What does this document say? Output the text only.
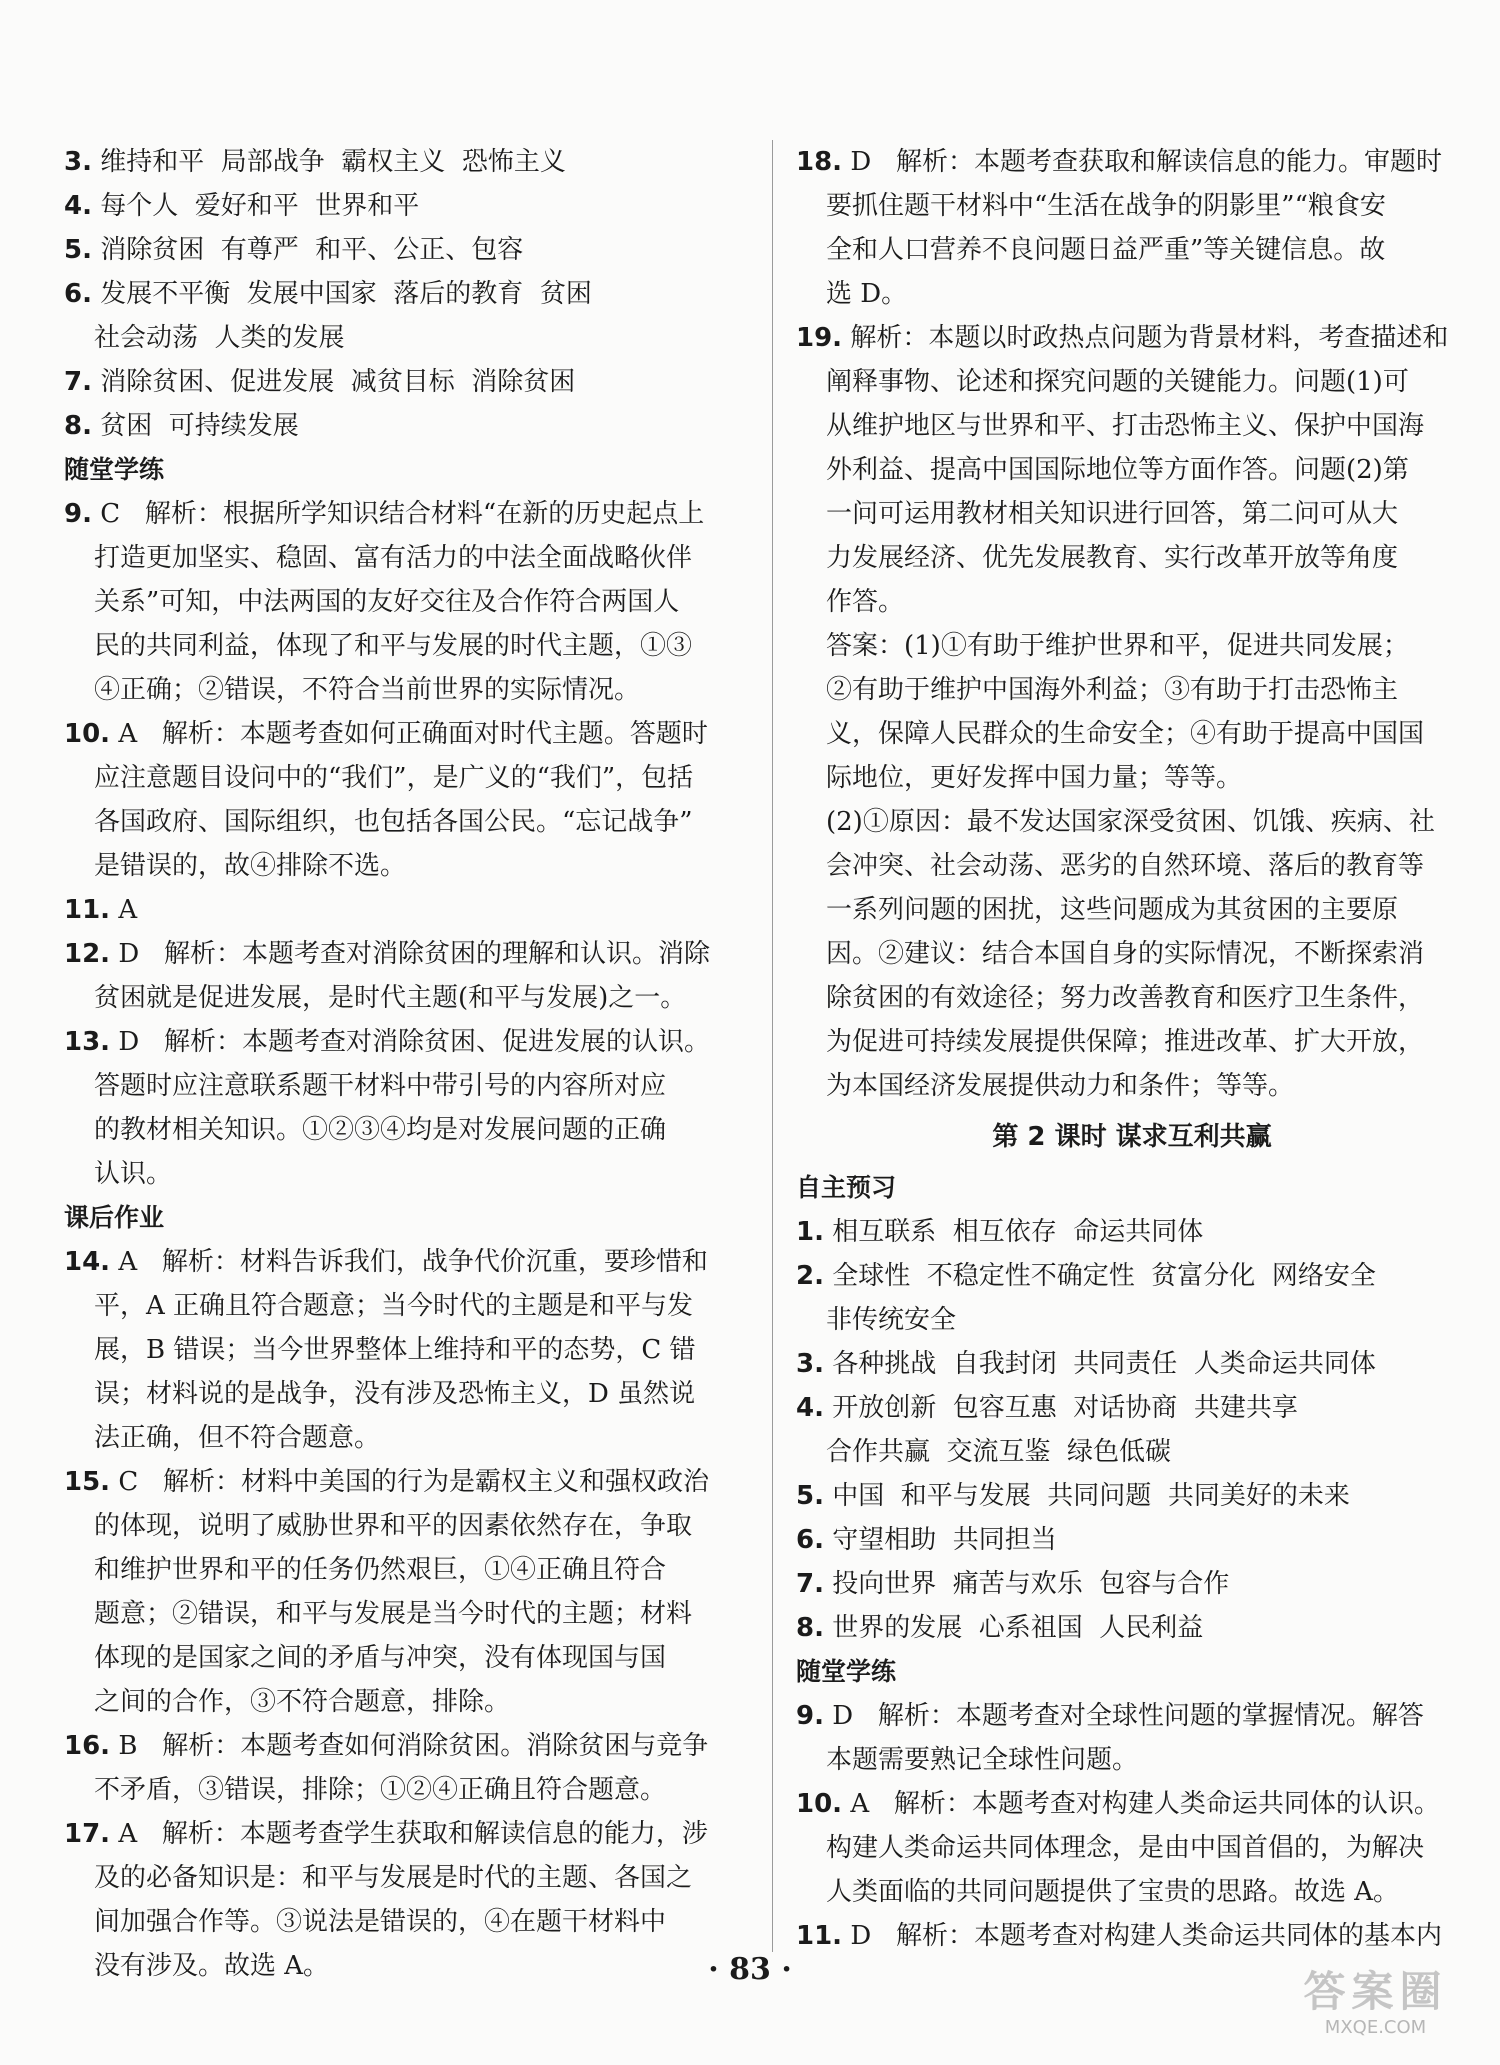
3. 维持和平  局部战争  霸权主义  恐怖主义
4. 每个人  爱好和平  世界和平
5. 消除贫困  有尊严  和平、公正、包容
6. 发展不平衡  发展中国家  落后的教育  贫困
社会动荡  人类的发展
7. 消除贫困、促进发展  减贫目标  消除贫困
8. 贫困  可持续发展
随堂学练
9. C   解析：根据所学知识结合材料“在新的历史起点上
打造更加坚实、稳固、富有活力的中法全面战略伙伴
关系”可知，中法两国的友好交往及合作符合两国人
民的共同利益，体现了和平与发展的时代主题，①③
④正确；②错误，不符合当前世界的实际情况。
10. A   解析：本题考查如何正确面对时代主题。答题时
应注意题目设问中的“我们”，是广义的“我们”，包括
各国政府、国际组织，也包括各国公民。“忘记战争”
是错误的，故④排除不选。
11. A
12. D   解析：本题考查对消除贫困的理解和认识。消除
贫困就是促进发展，是时代主题(和平与发展)之一。
13. D   解析：本题考查对消除贫困、促进发展的认识。
答题时应注意联系题干材料中带引号的内容所对应
的教材相关知识。①②③④均是对发展问题的正确
认识。
课后作业
14. A   解析：材料告诉我们，战争代价沉重，要珍惜和
平，A 正确且符合题意；当今时代的主题是和平与发
展，B 错误；当今世界整体上维持和平的态势，C 错
误；材料说的是战争，没有涉及恐怖主义，D 虽然说
法正确，但不符合题意。
15. C   解析：材料中美国的行为是霸权主义和强权政治
的体现，说明了威胁世界和平的因素依然存在，争取
和维护世界和平的任务仍然艰巨，①④正确且符合
题意；②错误，和平与发展是当今时代的主题；材料
体现的是国家之间的矛盾与冲突，没有体现国与国
之间的合作，③不符合题意，排除。
16. B   解析：本题考查如何消除贫困。消除贫困与竞争
不矛盾，③错误，排除；①②④正确且符合题意。
17. A   解析：本题考查学生获取和解读信息的能力，涉
及的必备知识是：和平与发展是时代的主题、各国之
间加强合作等。③说法是错误的，④在题干材料中
没有涉及。故选 A。
18. D   解析：本题考查获取和解读信息的能力。审题时
要抓住题干材料中“生活在战争的阴影里”“粮食安
全和人口营养不良问题日益严重”等关键信息。故
选 D。
19. 解析：本题以时政热点问题为背景材料，考查描述和
阐释事物、论述和探究问题的关键能力。问题(1)可
从维护地区与世界和平、打击恐怖主义、保护中国海
外利益、提高中国国际地位等方面作答。问题(2)第
一问可运用教材相关知识进行回答，第二问可从大
力发展经济、优先发展教育、实行改革开放等角度
作答。
答案：(1)①有助于维护世界和平，促进共同发展；
②有助于维护中国海外利益；③有助于打击恐怖主
义，保障人民群众的生命安全；④有助于提高中国国
际地位，更好发挥中国力量；等等。
(2)①原因：最不发达国家深受贫困、饥饿、疾病、社
会冲突、社会动荡、恶劣的自然环境、落后的教育等
一系列问题的困扰，这些问题成为其贫困的主要原
因。②建议：结合本国自身的实际情况，不断探索消
除贫困的有效途径；努力改善教育和医疗卫生条件，
为促进可持续发展提供保障；推进改革、扩大开放，
为本国经济发展提供动力和条件；等等。
第 2 课时 谋求互利共赢
自主预习
1. 相互联系  相互依存  命运共同体
2. 全球性  不稳定性不确定性  贫富分化  网络安全
非传统安全
3. 各种挑战  自我封闭  共同责任  人类命运共同体
4. 开放创新  包容互惠  对话协商  共建共享
合作共赢  交流互鉴  绿色低碳
5. 中国  和平与发展  共同问题  共同美好的未来
6. 守望相助  共同担当
7. 投向世界  痛苦与欢乐  包容与合作
8. 世界的发展  心系祖国  人民利益
随堂学练
9. D   解析：本题考查对全球性问题的掌握情况。解答
本题需要熟记全球性问题。
10. A   解析：本题考查对构建人类命运共同体的认识。
构建人类命运共同体理念，是由中国首倡的，为解决
人类面临的共同问题提供了宝贵的思路。故选 A。
11. D   解析：本题考查对构建人类命运共同体的基本内
· 83 ·	答案圈
MXQE.COM
